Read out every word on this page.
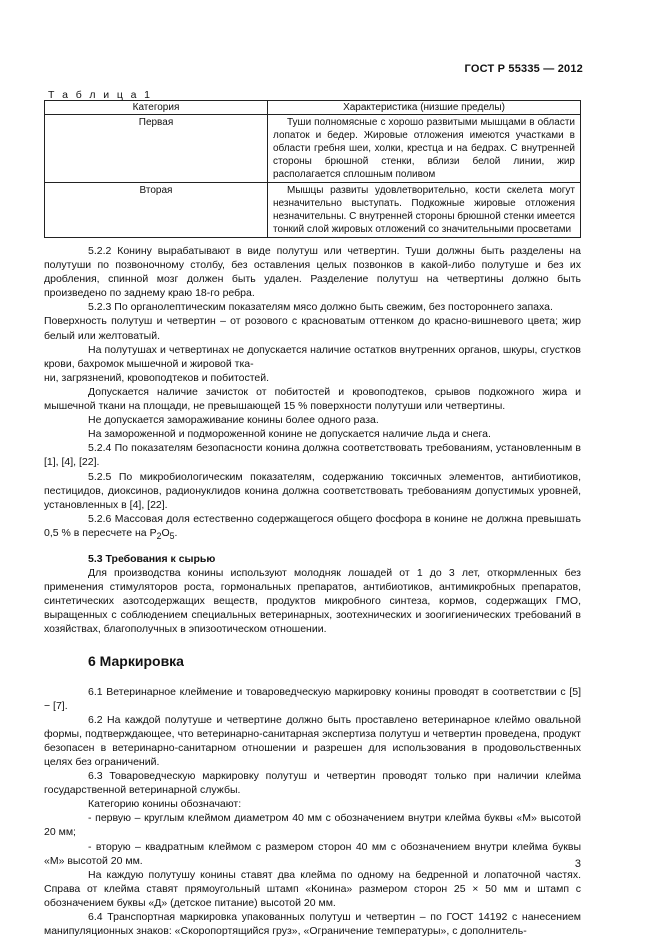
ГОСТ Р 55335 — 2012
Т а б л и ц а 1
Категория	Характеристика (низшие пределы)
Первая	Туши полномясные с хорошо развитыми мышцами в области лопаток и бедер. Жировые отложения имеются участками в области гребня шеи, холки, крестца и на бедрах. С внутренней стороны брюшной стенки, вблизи белой линии, жир располагается сплошным поливом
Вторая	Мышцы развиты удовлетворительно, кости скелета могут незначительно выступать. Подкожные жировые отложения незначительны. С внутренней стороны брюшной стенки имеется тонкий слой жировых отложений со значительными просветами

5.2.2 Конину вырабатывают в виде полутуш или четвертин. Туши должны быть разделены на полутуши по позвоночному столбу, без оставления целых позвонков в какой-либо полутуше и без их дробления, спинной мозг должен быть удален. Разделение полутуш на четвертины должно быть произведено по заднему краю 18-го ребра.

5.2.3 По органолептическим показателям мясо должно быть свежим, без постороннего запаха.

Поверхность полутуш и четвертин – от розового с красноватым оттенком до красно-вишневого цвета; жир белый или желтоватый.

На полутушах и четвертинах не допускается наличие остатков внутренних органов, шкуры, сгустков крови, бахромок мышечной и жировой тка-

ни, загрязнений, кровоподтеков и побитостей.

Допускается наличие зачисток от побитостей и кровоподтеков, срывов подкожного жира и мышечной ткани на площади, не превышающей 15 % поверхности полутуши или четвертины.

Не допускается замораживание конины более одного раза.

На замороженной и подмороженной конине не допускается наличие льда и снега.

5.2.4 По показателям безопасности конина должна соответствовать требованиям, установленным в [1], [4], [22].

5.2.5 По микробиологическим показателям, содержанию токсичных элементов, антибиотиков, пестицидов, диоксинов, радионуклидов конина должна соответствовать требованиям допустимых уровней, установленных в [4], [22].

5.2.6 Массовая доля естественно содержащегося общего фосфора в конине не должна превышать 0,5 % в пересчете на $P_2O_5$.

5.3 Требования к сырью

Для производства конины используют молодняк лошадей от 1 до 3 лет, откормленных без применения стимуляторов роста, гормональных препаратов, антибиотиков, антимикробных препаратов, синтетических азотсодержащих веществ, продуктов микробного синтеза, кормов, содержащих ГМО, выращенных с соблюдением специальных ветеринарных, зоотехнических и зоогигиенических требований в хозяйствах, благополучных в эпизоотическом отношении.

6 Маркировка

6.1 Ветеринарное клеймение и товароведческую маркировку конины проводят в соответствии с [5] − [7].

6.2 На каждой полутуше и четвертине должно быть проставлено ветеринарное клеймо овальной формы, подтверждающее, что ветеринарно-санитарная экспертиза полутуш и четвертин проведена, продукт безопасен в ветеринарно-санитарном отношении и разрешен для использования в продовольственных целях без ограничений.

6.3 Товароведческую маркировку полутуш и четвертин проводят только при наличии клейма государственной ветеринарной службы.

Категорию конины обозначают:

- первую – круглым клеймом диаметром 40 мм с обозначением внутри клейма буквы «М» высотой 20 мм;

- вторую – квадратным клеймом с размером сторон 40 мм с обозначением внутри клейма буквы «М» высотой 20 мм.

На каждую полутушу конины ставят два клейма по одному на бедренной и лопаточной частях. Справа от клейма ставят прямоугольный штамп «Конина» размером сторон 25 × 50 мм и штамп с обозначением буквы «Д» (детское питание) высотой 20 мм.

6.4 Транспортная маркировка упакованных полутуш и четвертин – по ГОСТ 14192 с нанесением манипуляционных знаков: «Скоропортящийся груз», «Ограничение температуры», с дополнитель-

3
